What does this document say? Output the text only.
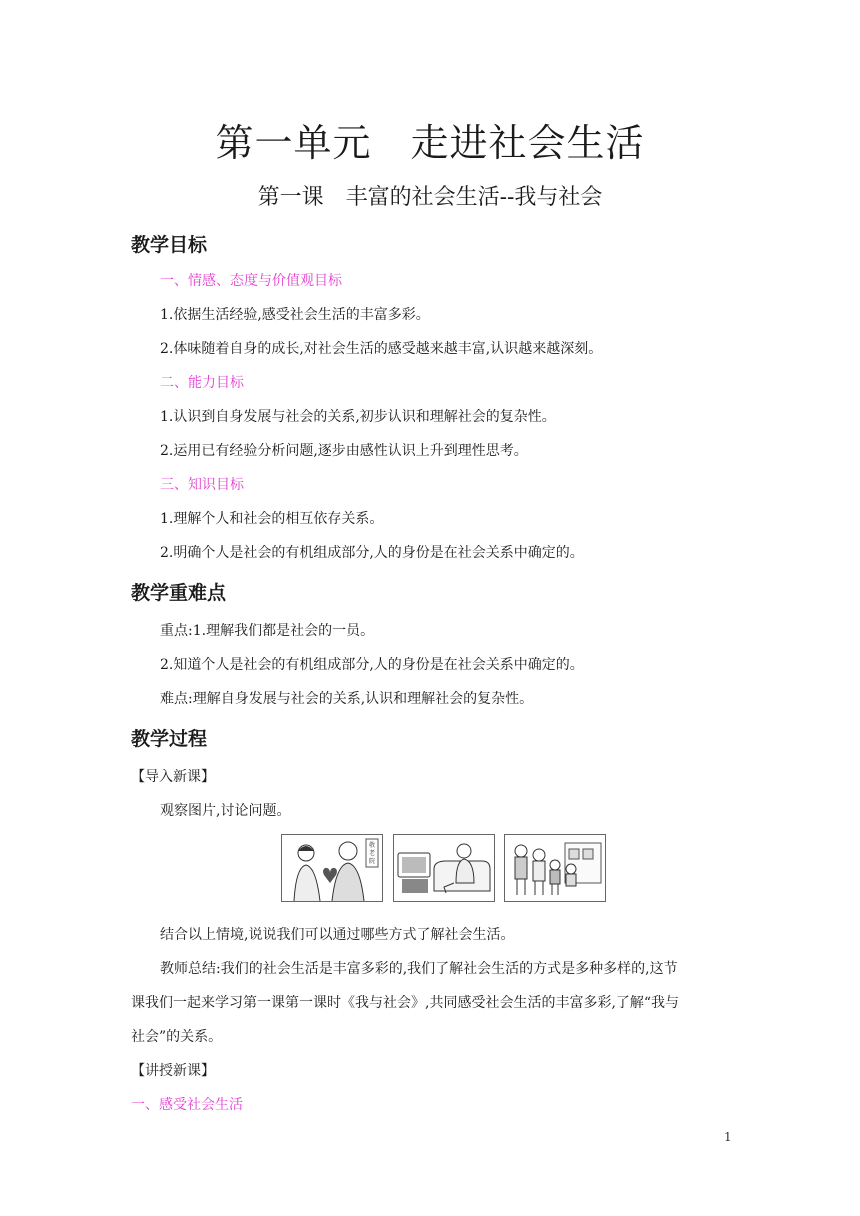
第一单元　走进社会生活
第一课　丰富的社会生活--我与社会
教学目标
一、情感、态度与价值观目标
1.依据生活经验,感受社会生活的丰富多彩。
2.体味随着自身的成长,对社会生活的感受越来越丰富,认识越来越深刻。
二、能力目标
1.认识到自身发展与社会的关系,初步认识和理解社会的复杂性。
2.运用已有经验分析问题,逐步由感性认识上升到理性思考。
三、知识目标
1.理解个人和社会的相互依存关系。
2.明确个人是社会的有机组成部分,人的身份是在社会关系中确定的。
教学重难点
重点:1.理解我们都是社会的一员。
2.知道个人是社会的有机组成部分,人的身份是在社会关系中确定的。
难点:理解自身发展与社会的关系,认识和理解社会的复杂性。
教学过程
【导入新课】
观察图片,讨论问题。
敬
老
院
结合以上情境,说说我们可以通过哪些方式了解社会生活。
教师总结:我们的社会生活是丰富多彩的,我们了解社会生活的方式是多种多样的,这节
课我们一起来学习第一课第一课时《我与社会》,共同感受社会生活的丰富多彩,了解“我与
社会”的关系。
【讲授新课】
一、感受社会生活
1
